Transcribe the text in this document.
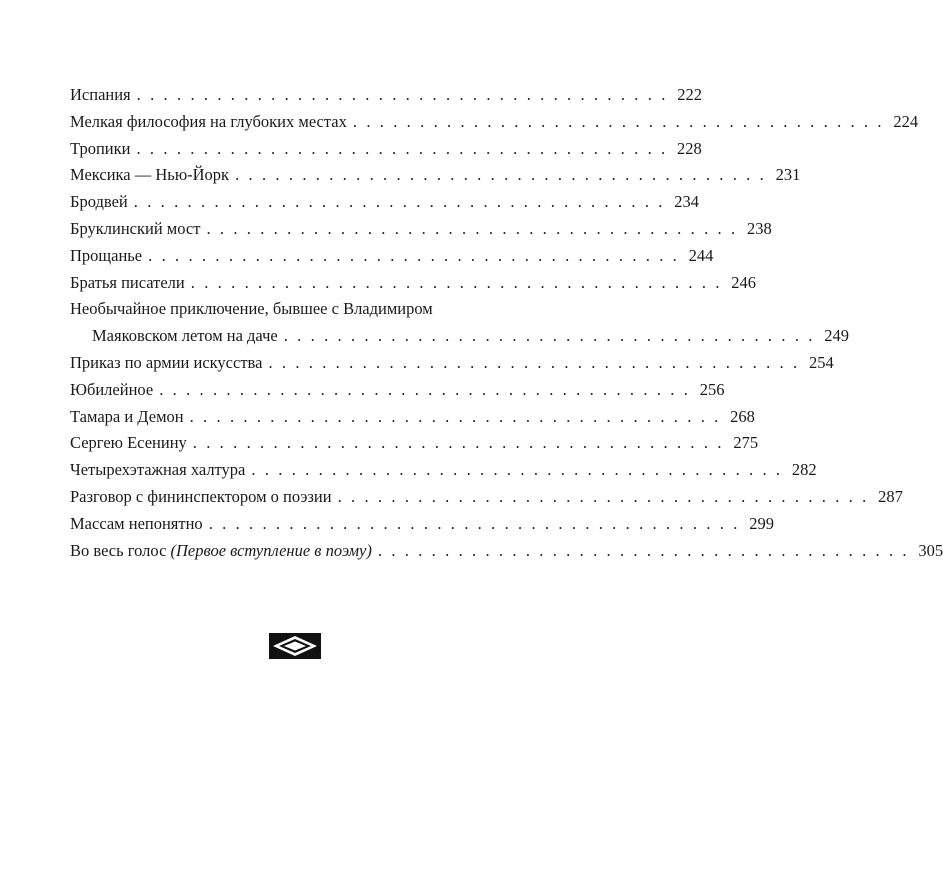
Испания . . . . . . . . . . . . . . . . . . . . . . . . . . . . . . . . . . . . . . . . 222
Мелкая философия на глубоких местах . . . . . . . . . . . . . . . . . . . . . . . . . . . . . . . . . . . . . . . . 224
Тропики . . . . . . . . . . . . . . . . . . . . . . . . . . . . . . . . . . . . . . . . 228
Мексика — Нью-Йорк . . . . . . . . . . . . . . . . . . . . . . . . . . . . . . . . . . . . . . . . 231
Бродвей . . . . . . . . . . . . . . . . . . . . . . . . . . . . . . . . . . . . . . . . 234
Бруклинский мост . . . . . . . . . . . . . . . . . . . . . . . . . . . . . . . . . . . . . . . . 238
Прощанье . . . . . . . . . . . . . . . . . . . . . . . . . . . . . . . . . . . . . . . . 244
Братья писатели . . . . . . . . . . . . . . . . . . . . . . . . . . . . . . . . . . . . . . . . 246
Необычайное приключение, бывшее с Владимиром
Маяковском летом на даче . . . . . . . . . . . . . . . . . . . . . . . . . . . . . . . . . . . . . . . . 249
Приказ по армии искусства . . . . . . . . . . . . . . . . . . . . . . . . . . . . . . . . . . . . . . . . 254
Юбилейное . . . . . . . . . . . . . . . . . . . . . . . . . . . . . . . . . . . . . . . . 256
Тамара и Демон . . . . . . . . . . . . . . . . . . . . . . . . . . . . . . . . . . . . . . . . 268
Сергею Есенину . . . . . . . . . . . . . . . . . . . . . . . . . . . . . . . . . . . . . . . . 275
Четырехэтажная халтура . . . . . . . . . . . . . . . . . . . . . . . . . . . . . . . . . . . . . . . . 282
Разговор с фининспектором о поэзии . . . . . . . . . . . . . . . . . . . . . . . . . . . . . . . . . . . . . . . . 287
Массам непонятно . . . . . . . . . . . . . . . . . . . . . . . . . . . . . . . . . . . . . . . . 299
Во весь голос (Первое вступление в поэму) . . . . . . . . . . . . . . . . . . . . . . . . . . . . . . . . . . . . . . . . 305
